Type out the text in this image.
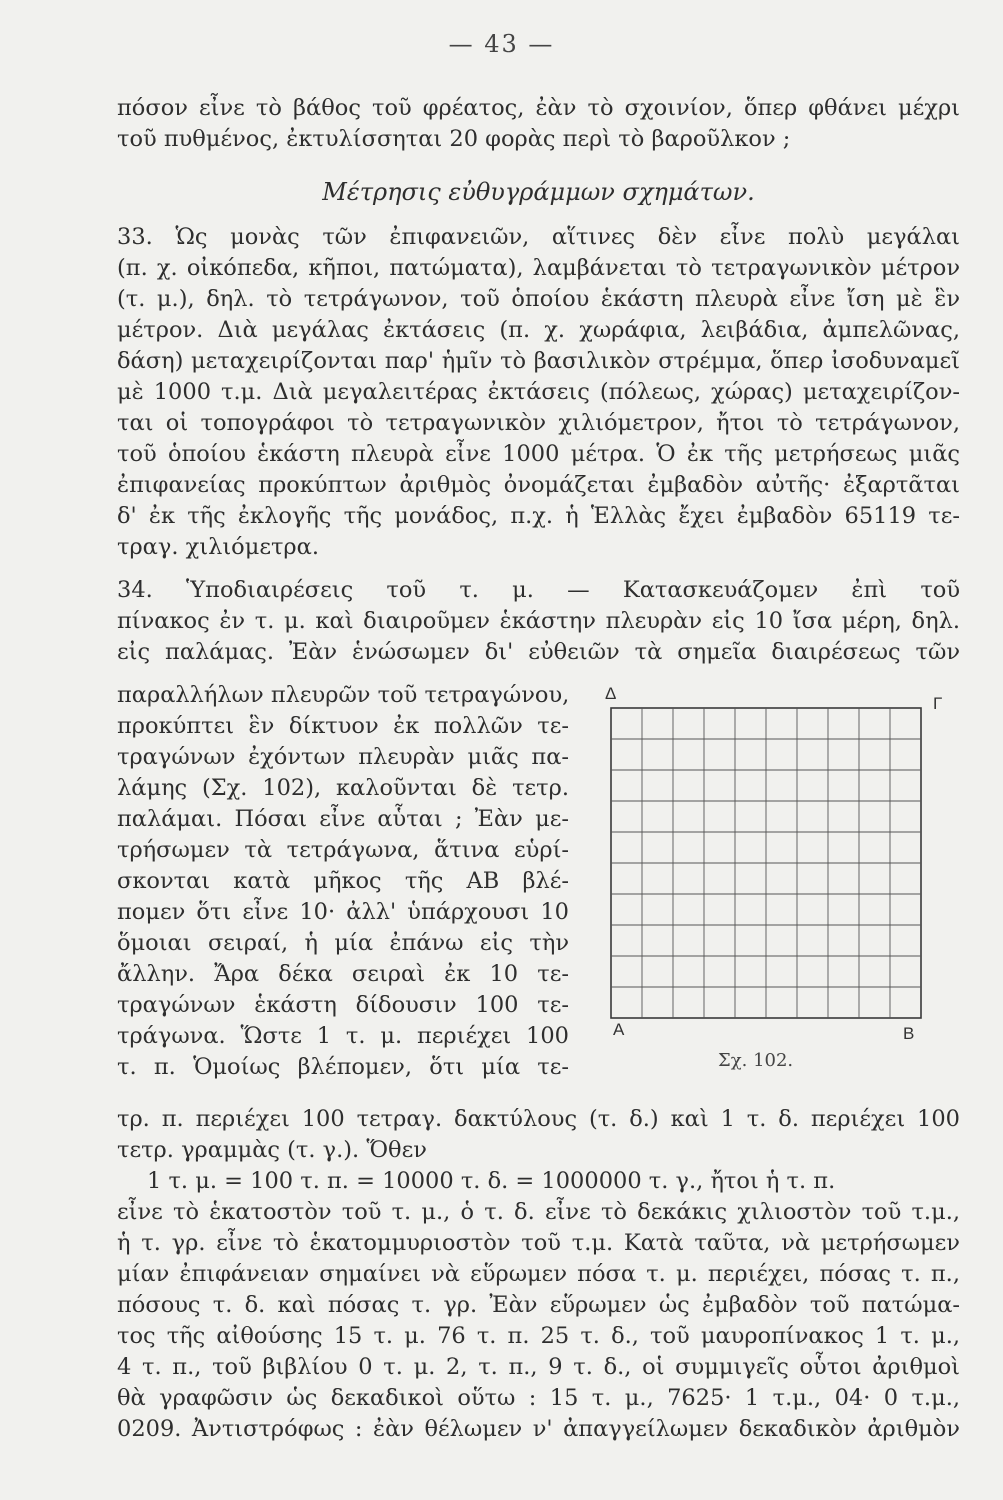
— 43 —
πόσον εἶνε τὸ βάθος τοῦ φρέατος, ἐὰν τὸ σχοινίον, ὅπερ φθάνει μέχρι
τοῦ πυθμένος, ἐκτυλίσσηται 20 φορὰς περὶ τὸ βαροῦλκον ;
Μέτρησις εὐθυγράμμων σχημάτων.
33. Ὡς μονὰς τῶν ἐπιφανειῶν, αἵτινες δὲν εἶνε πολὺ μεγάλαι
(π. χ. οἰκόπεδα, κῆποι, πατώματα), λαμβάνεται τὸ τετραγωνικὸν μέτρον
(τ. μ.), δηλ. τὸ τετράγωνον, τοῦ ὁποίου ἑκάστη πλευρὰ εἶνε ἴση μὲ ἓν
μέτρον. Διὰ μεγάλας ἐκτάσεις (π. χ. χωράφια, λειβάδια, ἀμπελῶνας,
δάση) μεταχειρίζονται παρ' ἡμῖν τὸ βασιλικὸν στρέμμα, ὅπερ ἰσοδυναμεῖ
μὲ 1000 τ.μ. Διὰ μεγαλειτέρας ἐκτάσεις (πόλεως, χώρας) μεταχειρίζον-
ται οἱ τοπογράφοι τὸ τετραγωνικὸν χιλιόμετρον, ἤτοι τὸ τετράγωνον,
τοῦ ὁποίου ἑκάστη πλευρὰ εἶνε 1000 μέτρα. Ὁ ἐκ τῆς μετρήσεως μιᾶς
ἐπιφανείας προκύπτων ἀριθμὸς ὀνομάζεται ἐμβαδὸν αὐτῆς· ἐξαρτᾶται
δ' ἐκ τῆς ἐκλογῆς τῆς μονάδος, π.χ. ἡ Ἑλλὰς ἔχει ἐμβαδὸν 65119 τε-
τραγ. χιλιόμετρα.
34. Ὑποδιαιρέσεις τοῦ τ. μ. — Κατασκευάζομεν ἐπὶ τοῦ
πίνακος ἐν τ. μ. καὶ διαιροῦμεν ἑκάστην πλευρὰν εἰς 10 ἴσα μέρη, δηλ.
εἰς παλάμας. Ἐὰν ἑνώσωμεν δι' εὐθειῶν τὰ σημεῖα διαιρέσεως τῶν
παραλλήλων πλευρῶν τοῦ τετραγώνου,
προκύπτει ἓν δίκτυον ἐκ πολλῶν τε-
τραγώνων ἐχόντων πλευρὰν μιᾶς πα-
λάμης (Σχ. 102), καλοῦνται δὲ τετρ.
παλάμαι. Πόσαι εἶνε αὗται ; Ἐὰν με-
τρήσωμεν τὰ τετράγωνα, ἅτινα εὑρί-
σκονται κατὰ μῆκος τῆς ΑΒ βλέ-
πομεν ὅτι εἶνε 10· ἀλλ' ὑπάρχουσι 10
ὅμοιαι σειραί, ἡ μία ἐπάνω εἰς τὴν
ἄλλην. Ἄρα δέκα σειραὶ ἐκ 10 τε-
τραγώνων ἑκάστη δίδουσιν 100 τε-
τράγωνα. Ὥστε 1 τ. μ. περιέχει 100
τ. π. Ὁμοίως βλέπομεν, ὅτι μία τε-
Δ
Γ
Α	Β
Σχ. 102.
τρ. π. περιέχει 100 τετραγ. δακτύλους (τ. δ.) καὶ 1 τ. δ. περιέχει 100
τετρ. γραμμὰς (τ. γ.). Ὅθεν
1 τ. μ. = 100 τ. π. = 10000 τ. δ. = 1000000 τ. γ., ἤτοι ἡ τ. π.
εἶνε τὸ ἑκατοστὸν τοῦ τ. μ., ὁ τ. δ. εἶνε τὸ δεκάκις χιλιοστὸν τοῦ τ.μ.,
ἡ τ. γρ. εἶνε τὸ ἑκατομμυριοστὸν τοῦ τ.μ. Κατὰ ταῦτα, νὰ μετρήσωμεν
μίαν ἐπιφάνειαν σημαίνει νὰ εὕρωμεν πόσα τ. μ. περιέχει, πόσας τ. π.,
πόσους τ. δ. καὶ πόσας τ. γρ. Ἐὰν εὕρωμεν ὡς ἐμβαδὸν τοῦ πατώμα-
τος τῆς αἰθούσης 15 τ. μ. 76 τ. π. 25 τ. δ., τοῦ μαυροπίνακος 1 τ. μ.,
4 τ. π., τοῦ βιβλίου 0 τ. μ. 2, τ. π., 9 τ. δ., οἱ συμμιγεῖς οὗτοι ἀριθμοὶ
θὰ γραφῶσιν ὡς δεκαδικοὶ οὕτω : 15 τ. μ., 7625· 1 τ.μ., 04· 0 τ.μ.,
0209. Ἀντιστρόφως : ἐὰν θέλωμεν ν' ἀπαγγείλωμεν δεκαδικὸν ἀριθμὸν
